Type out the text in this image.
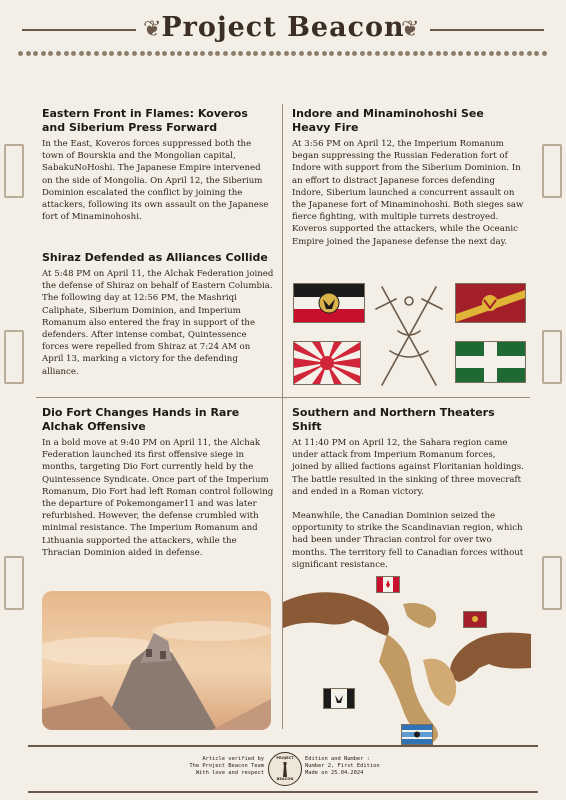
❦	❦
Project Beacon
Eastern Front in Flames: Koveros and Siberium Press Forward
In the East, Koveros forces suppressed both the town of Bourskia and the Mongolian capital, SabakuNoHoshi. The Japanese Empire intervened on the side of Mongolia. On April 12, the Siberium Dominion escalated the conflict by joining the attackers, following its own assault on the Japanese fort of Minaminohoshi.
Shiraz Defended as Alliances Collide
At 5:48 PM on April 11, the Alchak Federation joined the defense of Shiraz on behalf of Eastern Columbia. The following day at 12:56 PM, the Mashriqi Caliphate, Siberium Dominion, and Imperium Romanum also entered the fray in support of the defenders. After intense combat, Quintessence forces were repelled from Shiraz at 7:24 AM on April 13, marking a victory for the defending alliance.
Indore and Minaminohoshi See Heavy Fire
At 3:56 PM on April 12, the Imperium Romanum began suppressing the Russian Federation fort of Indore with support from the Siberium Dominion. In an effort to distract Japanese forces defending Indore, Siberium launched a concurrent assault on the Japanese fort of Minaminohoshi. Both sieges saw fierce fighting, with multiple turrets destroyed. Koveros supported the attackers, while the Oceanic Empire joined the Japanese defense the next day.
Dio Fort Changes Hands in Rare Alchak Offensive
In a bold move at 9:40 PM on April 11, the Alchak Federation launched its first offensive siege in months, targeting Dio Fort currently held by the Quintessence Syndicate. Once part of the Imperium Romanum, Dio Fort had left Roman control following the departure of Pokemongamer11 and was later refurbished. However, the defense crumbled with minimal resistance. The Imperium Romanum and Lithuania supported the attackers, while the Thracian Dominion aided in defense.
Southern and Northern Theaters Shift
At 11:40 PM on April 12, the Sahara region came under attack from Imperium Romanum forces, joined by allied factions against Floritanian holdings. The battle resulted in the sinking of three movecraft and ended in a Roman victory.
Meanwhile, the Canadian Dominion seized the opportunity to strike the Scandinavian region, which had been under Thracian control for over two months. The territory fell to Canadian forces without significant resistance.
Article verified by
The Project Beacon Team
With love and respect
PROJECT
BEACON
Edition and Number :
Number 2, First Edition
Made on 25.04.2024
